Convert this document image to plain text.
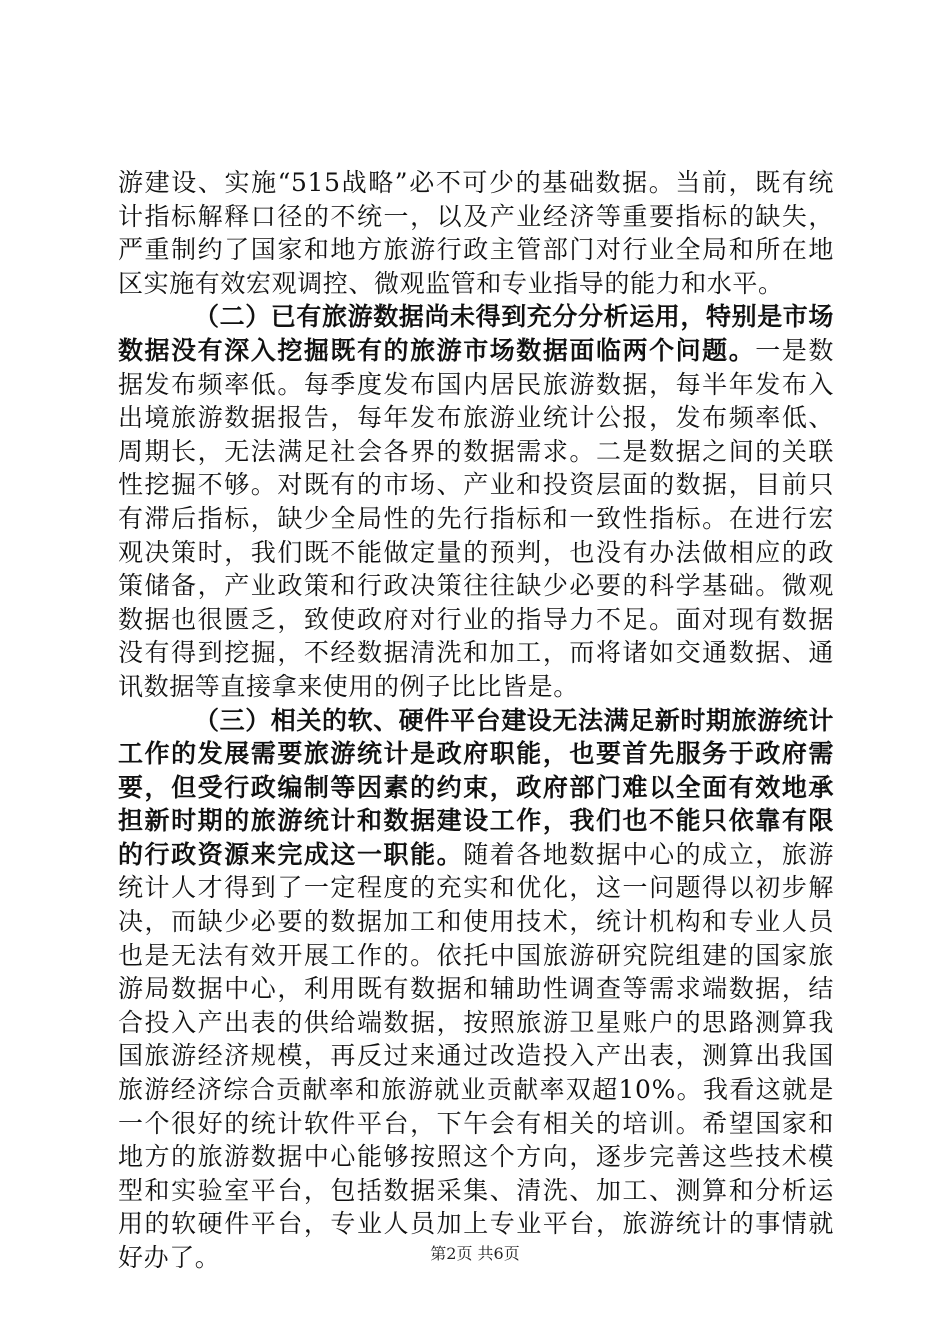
游建设、实施“515战略”必不可少的基础数据。当前，既有统计指标解释口径的不统一，以及产业经济等重要指标的缺失，严重制约了国家和地方旅游行政主管部门对行业全局和所在地区实施有效宏观调控、微观监管和专业指导的能力和水平。

（二）已有旅游数据尚未得到充分分析运用，特别是市场数据没有深入挖掘既有的旅游市场数据面临两个问题。一是数据发布频率低。每季度发布国内居民旅游数据，每半年发布入出境旅游数据报告，每年发布旅游业统计公报，发布频率低、周期长，无法满足社会各界的数据需求。二是数据之间的关联性挖掘不够。对既有的市场、产业和投资层面的数据，目前只有滞后指标，缺少全局性的先行指标和一致性指标。在进行宏观决策时，我们既不能做定量的预判，也没有办法做相应的政策储备，产业政策和行政决策往往缺少必要的科学基础。微观数据也很匮乏，致使政府对行业的指导力不足。面对现有数据没有得到挖掘，不经数据清洗和加工，而将诸如交通数据、通讯数据等直接拿来使用的例子比比皆是。

（三）相关的软、硬件平台建设无法满足新时期旅游统计工作的发展需要旅游统计是政府职能，也要首先服务于政府需要，但受行政编制等因素的约束，政府部门难以全面有效地承担新时期的旅游统计和数据建设工作，我们也不能只依靠有限的行政资源来完成这一职能。随着各地数据中心的成立，旅游统计人才得到了一定程度的充实和优化，这一问题得以初步解决，而缺少必要的数据加工和使用技术，统计机构和专业人员也是无法有效开展工作的。依托中国旅游研究院组建的国家旅游局数据中心，利用既有数据和辅助性调查等需求端数据，结合投入产出表的供给端数据，按照旅游卫星账户的思路测算我国旅游经济规模，再反过来通过改造投入产出表，测算出我国旅游经济综合贡献率和旅游就业贡献率双超10%。我看这就是一个很好的统计软件平台，下午会有相关的培训。希望国家和地方的旅游数据中心能够按照这个方向，逐步完善这些技术模型和实验室平台，包括数据采集、清洗、加工、测算和分析运用的软硬件平台，专业人员加上专业平台，旅游统计的事情就好办了。	第2页 共6页
